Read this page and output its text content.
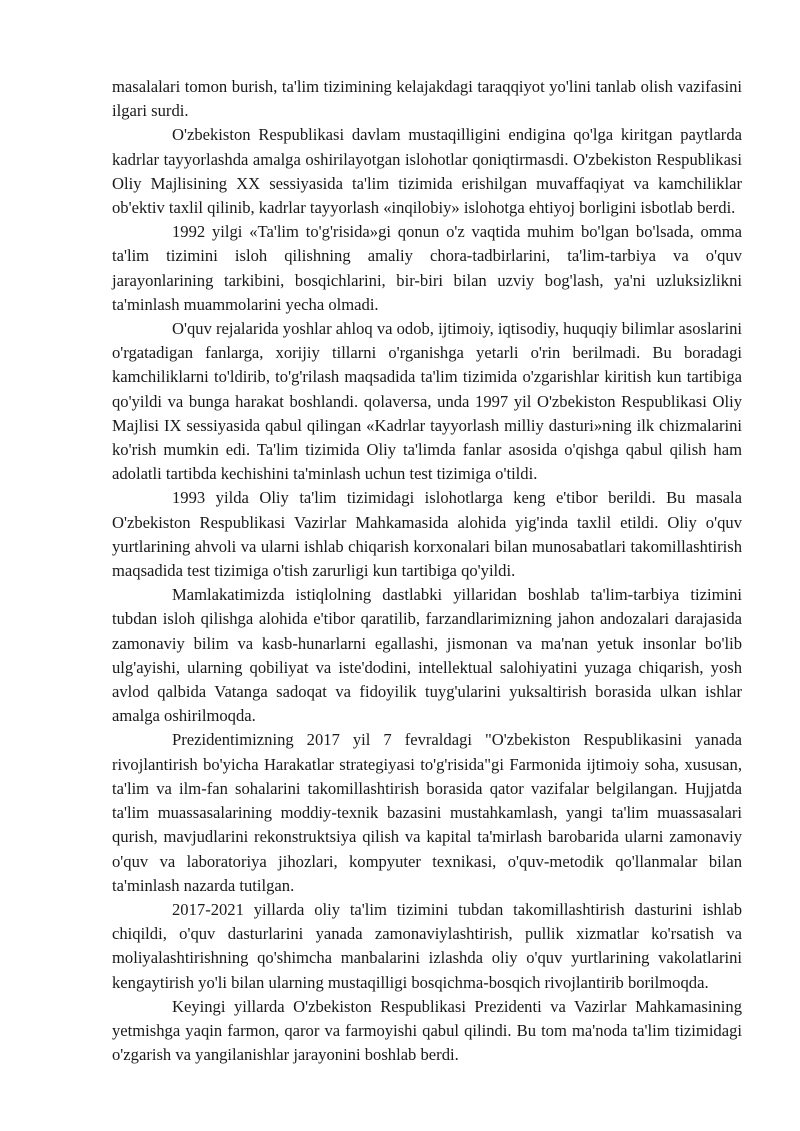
masalalari tomon burish, ta'lim tizimining kelajakdagi taraqqiyot yo'lini tanlab olish vazifasini ilgari surdi.

O'zbekiston Respublikasi davlam mustaqilligini endigina qo'lga kiritgan paytlarda kadrlar tayyorlashda amalga oshirilayotgan islohotlar qoniqtirmasdi. O'zbekiston Respublikasi Oliy Majlisining XX sessiyasida ta'lim tizimida erishilgan muvaffaqiyat va kamchiliklar ob'ektiv taxlil qilinib, kadrlar tayyorlash «inqilobiy» islohotga ehtiyoj borligini isbotlab berdi.

1992 yilgi «Ta'lim to'g'risida»gi qonun o'z vaqtida muhim bo'lgan bo'lsada, omma ta'lim tizimini isloh qilishning amaliy chora-tadbirlarini, ta'lim-tarbiya va o'quv jarayonlarining tarkibini, bosqichlarini, bir-biri bilan uzviy bog'lash, ya'ni uzluksizlikni ta'minlash muammolarini yecha olmadi.

O'quv rejalarida yoshlar ahloq va odob, ijtimoiy, iqtisodiy, huquqiy bilimlar asoslarini o'rgatadigan fanlarga, xorijiy tillarni o'rganishga yetarli o'rin berilmadi. Bu boradagi kamchiliklarni to'ldirib, to'g'rilash maqsadida ta'lim tizimida o'zgarishlar kiritish kun tartibiga qo'yildi va bunga harakat boshlandi. qolaversa, unda 1997 yil O'zbekiston Respublikasi Oliy Majlisi IX sessiyasida qabul qilingan «Kadrlar tayyorlash milliy dasturi»ning ilk chizmalarini ko'rish mumkin edi. Ta'lim tizimida Oliy ta'limda fanlar asosida o'qishga qabul qilish ham adolatli tartibda kechishini ta'minlash uchun test tizimiga o'tildi.

1993 yilda Oliy ta'lim tizimidagi islohotlarga keng e'tibor berildi. Bu masala O'zbekiston Respublikasi Vazirlar Mahkamasida alohida yig'inda taxlil etildi. Oliy o'quv yurtlarining ahvoli va ularni ishlab chiqarish korxonalari bilan munosabatlari takomillashtirish maqsadida test tizimiga o'tish zarurligi kun tartibiga qo'yildi.

Mamlakatimizda istiqlolning dastlabki yillaridan boshlab ta'lim-tarbiya tizimini tubdan isloh qilishga alohida e'tibor qaratilib, farzandlarimizning jahon andozalari darajasida zamonaviy bilim va kasb-hunarlarni egallashi, jismonan va ma'nan yetuk insonlar bo'lib ulg'ayishi, ularning qobiliyat va iste'dodini, intellektual salohiyatini yuzaga chiqarish, yosh avlod qalbida Vatanga sadoqat va fidoyilik tuyg'ularini yuksaltirish borasida ulkan ishlar amalga oshirilmoqda.

Prezidentimizning 2017 yil 7 fevraldagi "O'zbekiston Respublikasini yanada rivojlantirish bo'yicha Harakatlar strategiyasi to'g'risida"gi Farmonida ijtimoiy soha, xususan, ta'lim va ilm-fan sohalarini takomillashtirish borasida qator vazifalar belgilangan. Hujjatda ta'lim muassasalarining moddiy-texnik bazasini mustahkamlash, yangi ta'lim muassasalari qurish, mavjudlarini rekonstruktsiya qilish va kapital ta'mirlash barobarida ularni zamonaviy o'quv va laboratoriya jihozlari, kompyuter texnikasi, o'quv-metodik qo'llanmalar bilan ta'minlash nazarda tutilgan.

2017-2021 yillarda oliy ta'lim tizimini tubdan takomillashtirish dasturini ishlab chiqildi, o'quv dasturlarini yanada zamonaviylashtirish, pullik xizmatlar ko'rsatish va moliyalashtirishning qo'shimcha manbalarini izlashda oliy o'quv yurtlarining vakolatlarini kengaytirish yo'li bilan ularning mustaqilligi bosqichma-bosqich rivojlantirib borilmoqda.

Keyingi yillarda O'zbekiston Respublikasi Prezidenti va Vazirlar Mahkamasining yetmishga yaqin farmon, qaror va farmoyishi qabul qilindi. Bu tom ma'noda ta'lim tizimidagi o'zgarish va yangilanishlar jarayonini boshlab berdi.
